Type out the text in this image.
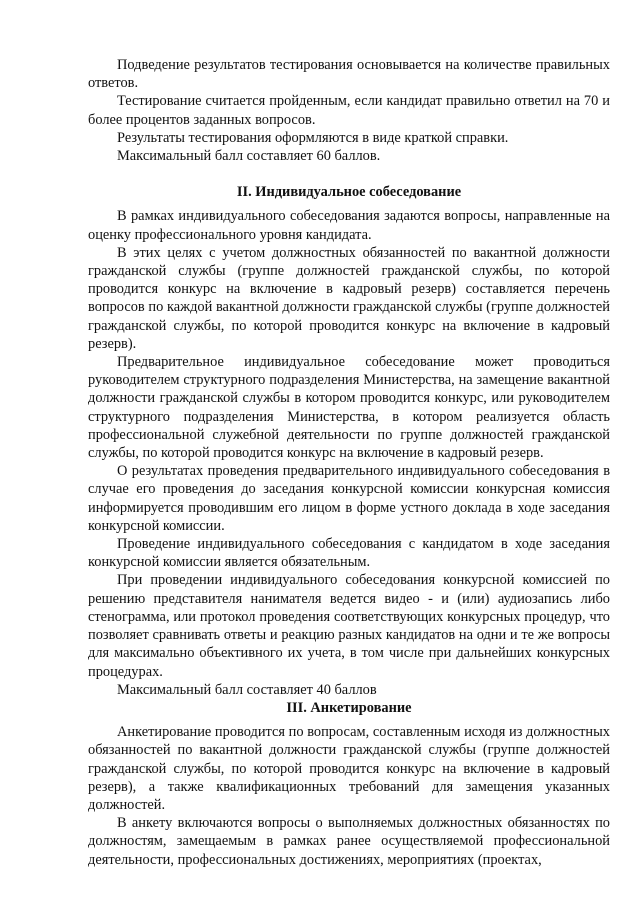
Подведение результатов тестирования основывается на количестве правильных ответов.

Тестирование считается пройденным, если кандидат правильно ответил на 70 и более процентов заданных вопросов.

Результаты тестирования оформляются в виде краткой справки.

Максимальный балл составляет 60 баллов.

II. Индивидуальное собеседование

В рамках индивидуального собеседования задаются вопросы, направленные на оценку профессионального уровня кандидата.

В этих целях с учетом должностных обязанностей по вакантной должности гражданской службы (группе должностей гражданской службы, по которой проводится конкурс на включение в кадровый резерв) составляется перечень вопросов по каждой вакантной должности гражданской службы (группе должностей гражданской службы, по которой проводится конкурс на включение в кадровый резерв).

Предварительное индивидуальное собеседование может проводиться руководителем структурного подразделения Министерства, на замещение вакантной должности гражданской службы в котором проводится конкурс, или руководителем структурного подразделения Министерства, в котором реализуется область профессиональной служебной деятельности по группе должностей гражданской службы, по которой проводится конкурс на включение в кадровый резерв.

О результатах проведения предварительного индивидуального собеседования в случае его проведения до заседания конкурсной комиссии конкурсная комиссия информируется проводившим его лицом в форме устного доклада в ходе заседания конкурсной комиссии.

Проведение индивидуального собеседования с кандидатом в ходе заседания конкурсной комиссии является обязательным.

При проведении индивидуального собеседования конкурсной комиссией по решению представителя нанимателя ведется видео - и (или) аудиозапись либо стенограмма, или протокол проведения соответствующих конкурсных процедур, что позволяет сравнивать ответы и реакцию разных кандидатов на одни и те же вопросы для максимально объективного их учета, в том числе при дальнейших конкурсных процедурах.

Максимальный балл составляет 40 баллов

III. Анкетирование

Анкетирование проводится по вопросам, составленным исходя из должностных обязанностей по вакантной должности гражданской службы (группе должностей гражданской службы, по которой проводится конкурс на включение в кадровый резерв), а также квалификационных требований для замещения указанных должностей.

В анкету включаются вопросы о выполняемых должностных обязанностях по должностям, замещаемым в рамках ранее осуществляемой профессиональной деятельности, профессиональных достижениях, мероприятиях (проектах,
